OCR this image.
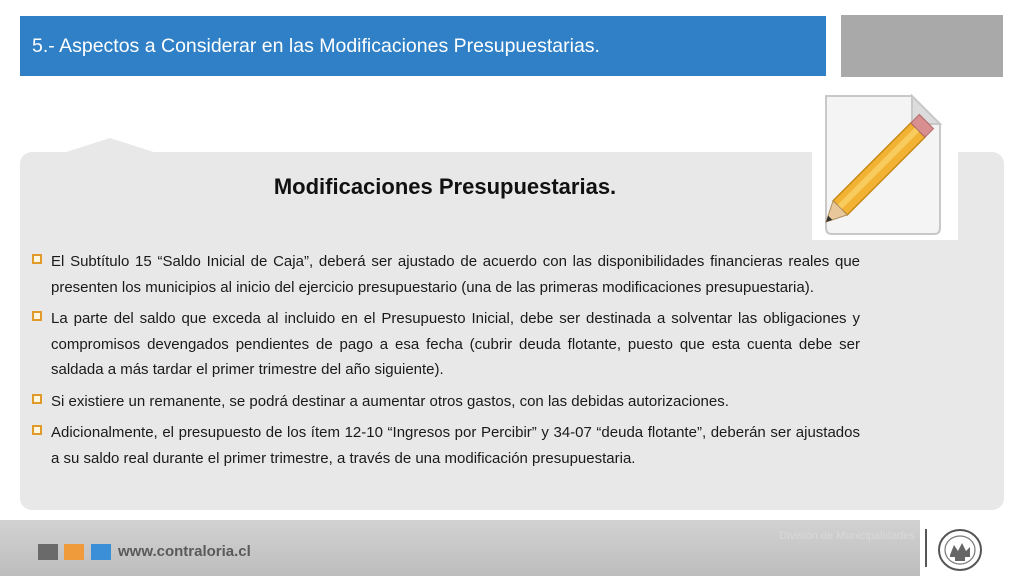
5.- Aspectos a Considerar en las Modificaciones Presupuestarias.
Modificaciones Presupuestarias.
El Subtítulo 15 “Saldo Inicial de Caja”, deberá ser ajustado de acuerdo con las disponibilidades financieras reales que presenten los municipios al inicio del ejercicio presupuestario (una de las primeras modificaciones presupuestaria).
La parte del saldo que exceda al incluido en el Presupuesto Inicial, debe ser destinada a solventar las obligaciones y compromisos devengados pendientes de pago a esa fecha (cubrir deuda flotante, puesto que esta cuenta debe ser saldada a más tardar el primer trimestre del año siguiente).
Si existiere un remanente, se podrá destinar a aumentar otros gastos, con las debidas autorizaciones.
Adicionalmente, el presupuesto de los ítem 12-10 “Ingresos por Percibir” y 34-07 “deuda flotante”, deberán ser ajustados a su saldo real durante el primer trimestre, a través de una modificación presupuestaria.
www.contraloria.cl
División de Municipalidades
